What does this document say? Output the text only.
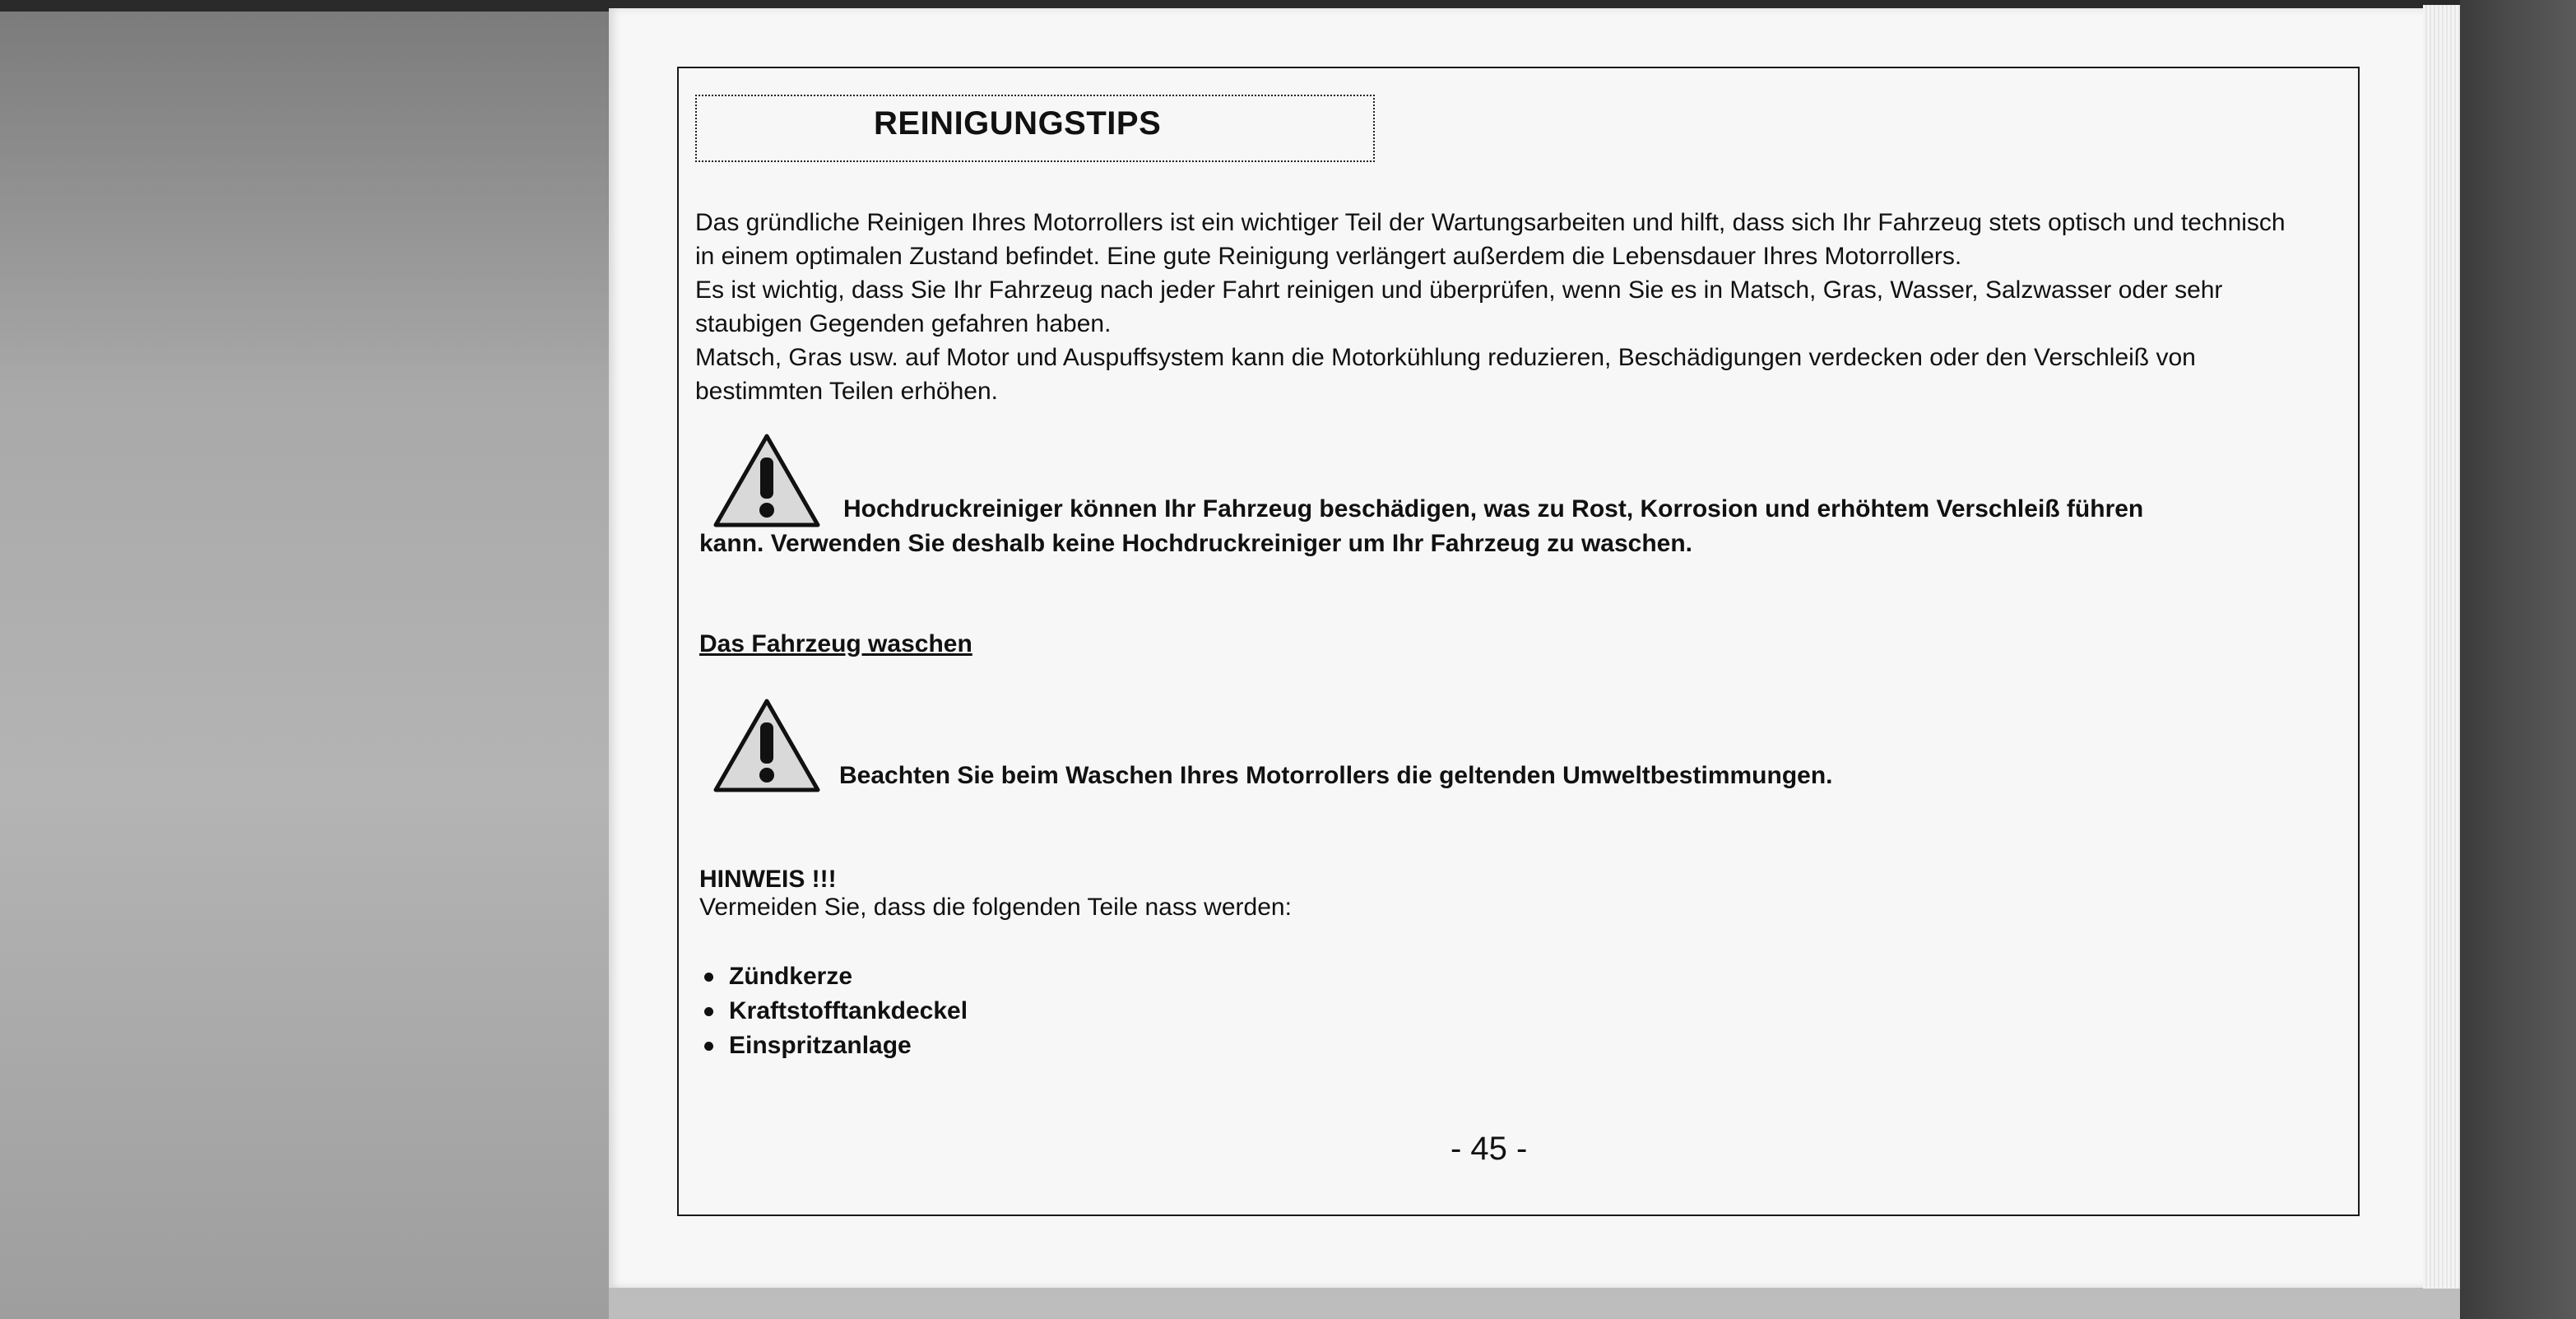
REINIGUNGSTIPS

Das gründliche Reinigen Ihres Motorrollers ist ein wichtiger Teil der Wartungsarbeiten und hilft, dass sich Ihr Fahrzeug stets optisch und technisch in einem optimalen Zustand befindet. Eine gute Reinigung verlängert außerdem die Lebensdauer Ihres Motorrollers.

Es ist wichtig, dass Sie Ihr Fahrzeug nach jeder Fahrt reinigen und überprüfen, wenn Sie es in Matsch, Gras, Wasser, Salzwasser oder sehr staubigen Gegenden gefahren haben.

Matsch, Gras usw. auf Motor und Auspuffsystem kann die Motorkühlung reduzieren, Beschädigungen verdecken oder den Verschleiß von bestimmten Teilen erhöhen.

Hochdruckreiniger können Ihr Fahrzeug beschädigen, was zu Rost, Korrosion und erhöhtem Verschleiß führen

kann. Verwenden Sie deshalb keine Hochdruckreiniger um Ihr Fahrzeug zu waschen.

Das Fahrzeug waschen

Beachten Sie beim Waschen Ihres Motorrollers die geltenden Umweltbestimmungen.

HINWEIS !!!
Vermeiden Sie, dass die folgenden Teile nass werden:
Zündkerze
Kraftstofftankdeckel
Einspritzanlage
- 45 -
